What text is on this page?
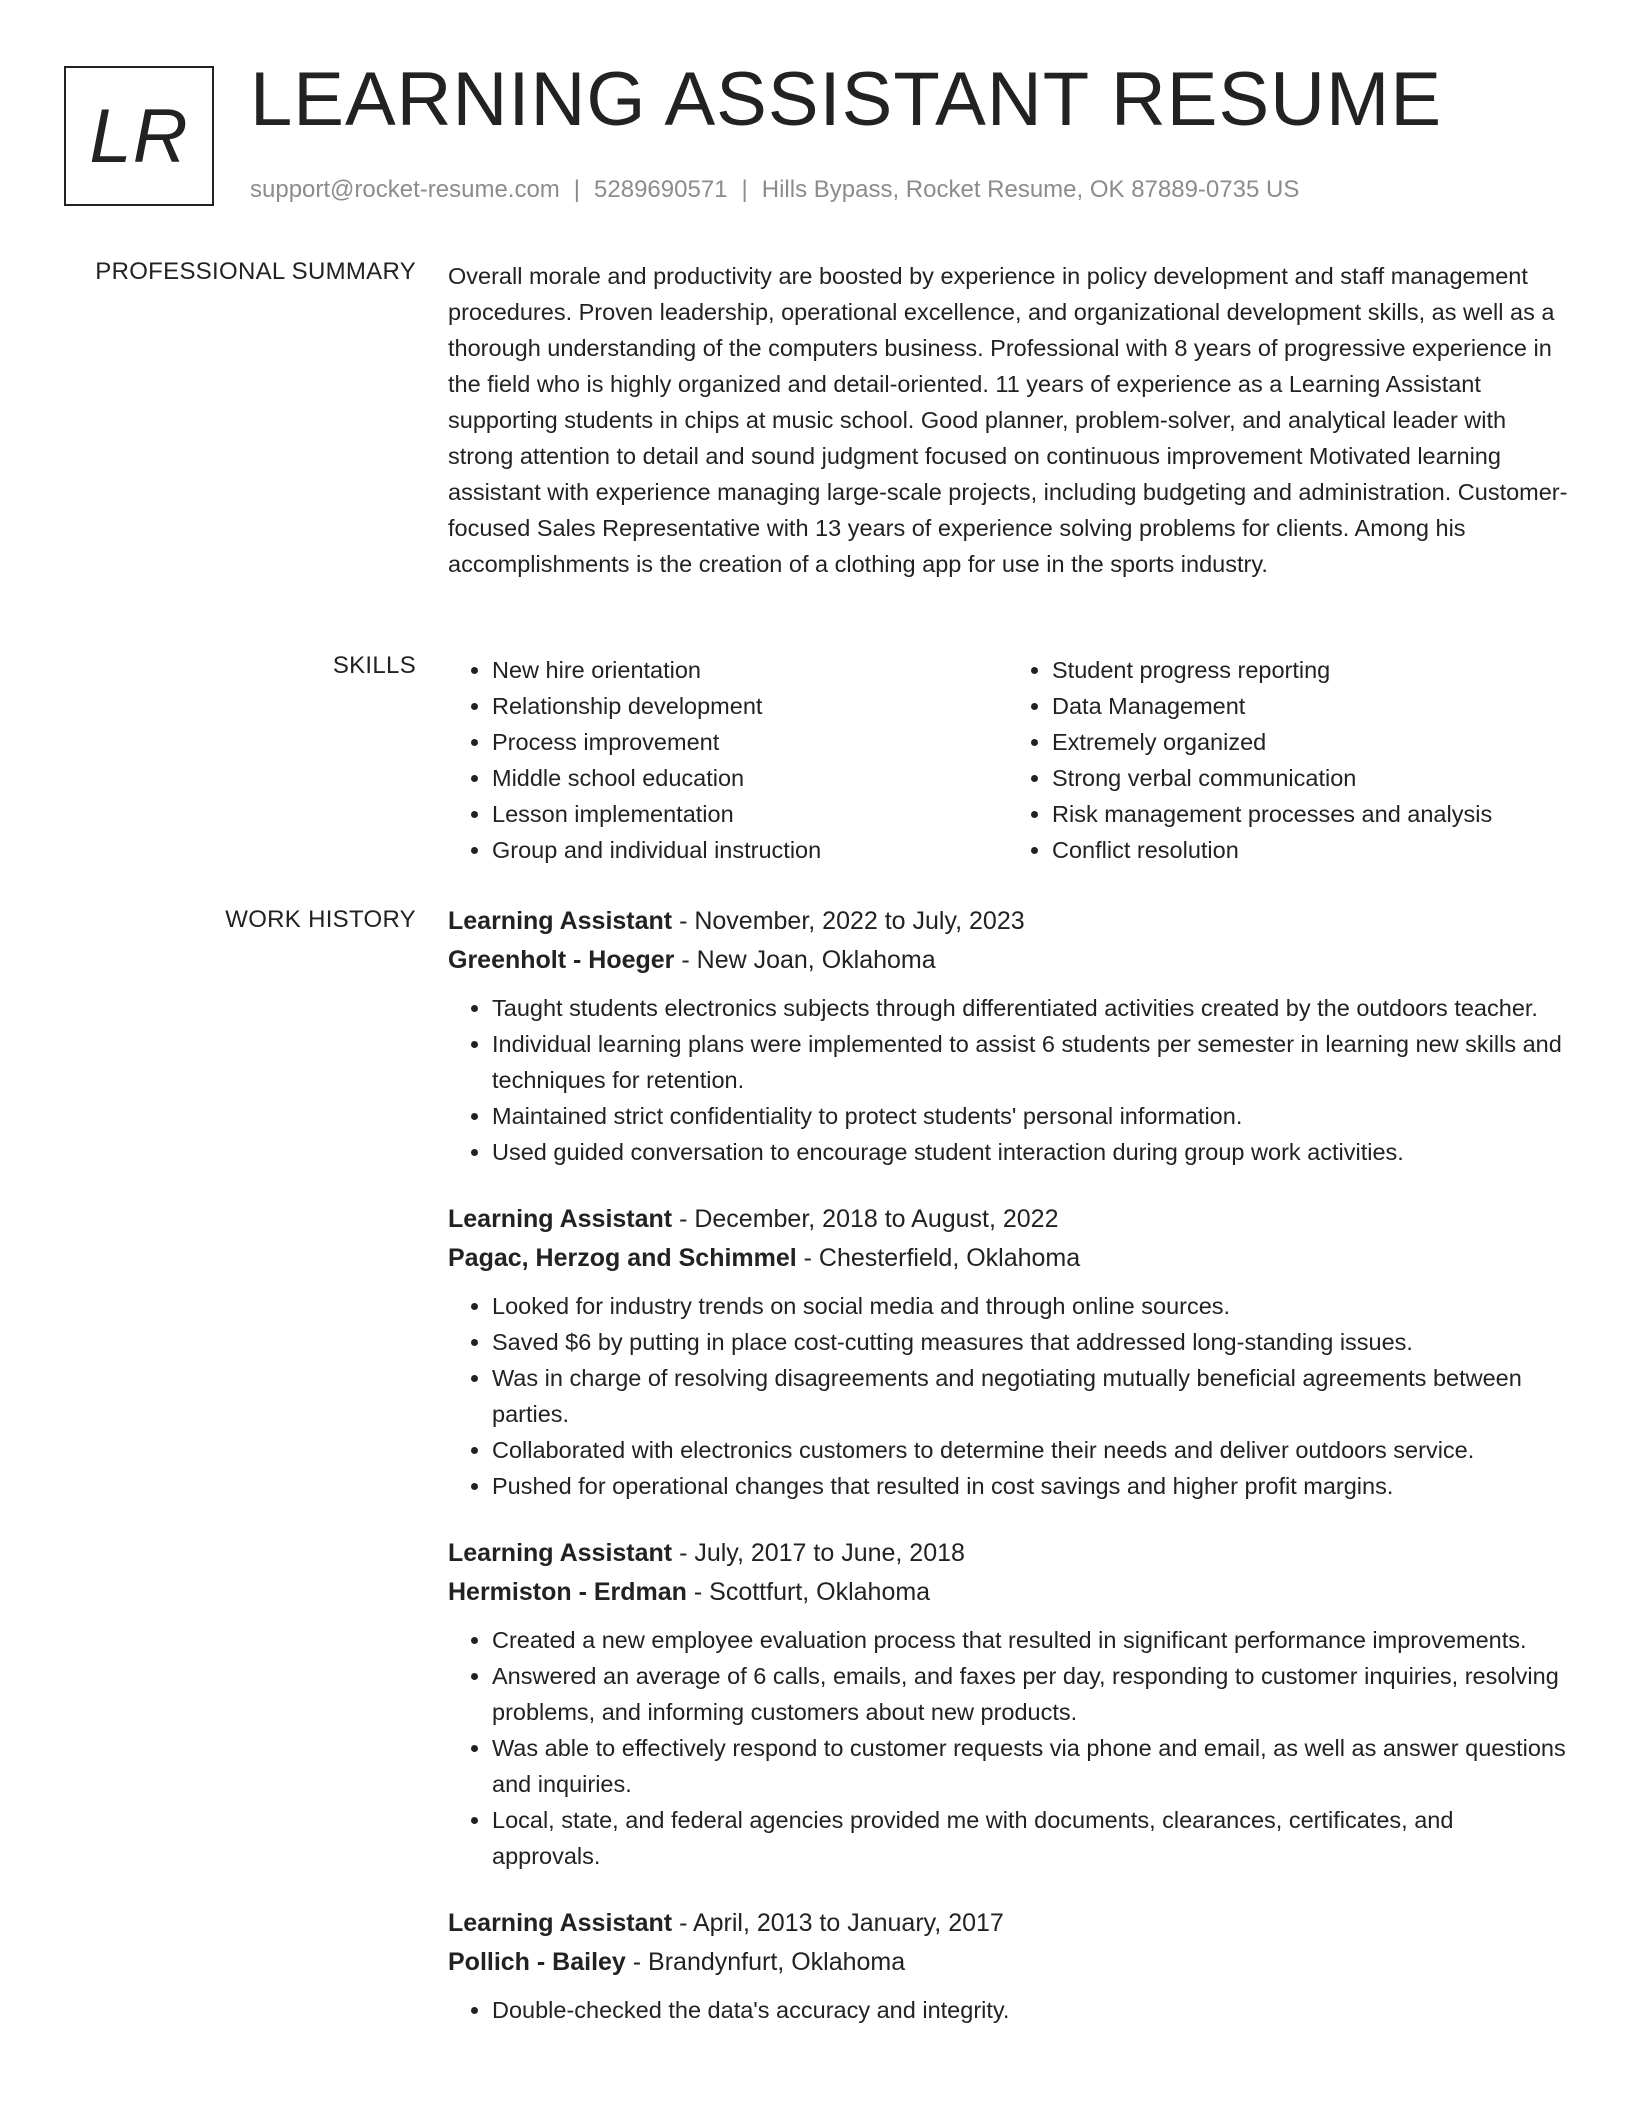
LR LEARNING ASSISTANT RESUME
support@rocket-resume.com | 5289690571 | Hills Bypass, Rocket Resume, OK 87889-0735 US
PROFESSIONAL SUMMARY Overall morale and productivity are boosted by experience in policy development and staff management procedures. Proven leadership, operational excellence, and organizational development skills, as well as a thorough understanding of the computers business. Professional with 8 years of progressive experience in the field who is highly organized and detail-oriented. 11 years of experience as a Learning Assistant supporting students in chips at music school. Good planner, problem-solver, and analytical leader with strong attention to detail and sound judgment focused on continuous improvement Motivated learning assistant with experience managing large-scale projects, including budgeting and administration. Customer-focused Sales Representative with 13 years of experience solving problems for clients. Among his accomplishments is the creation of a clothing app for use in the sports industry.

SKILLS
•	New hire orientation
• Relationship development
• Process improvement
• Middle school education
• Lesson implementation
• Group and individual instruction
• Student progress reporting
• Data Management
• Extremely organized
• Strong verbal communication
• Risk management processes and analysis
• Conflict resolution
WORK HISTORY Learning Assistant - November, 2022 to July, 2023
Greenholt - Hoeger - New Joan, Oklahoma
• Taught students electronics subjects through differentiated activities created by the outdoors teacher.
• Individual learning plans were implemented to assist 6 students per semester in learning new skills and techniques for retention.
• Maintained strict confidentiality to protect students' personal information.
• Used guided conversation to encourage student interaction during group work activities.
Learning Assistant - December, 2018 to August, 2022
Pagac, Herzog and Schimmel - Chesterfield, Oklahoma
• Looked for industry trends on social media and through online sources.
• Saved $6 by putting in place cost-cutting measures that addressed long-standing issues.
• Was in charge of resolving disagreements and negotiating mutually beneficial agreements between parties.
• Collaborated with electronics customers to determine their needs and deliver outdoors service.
• Pushed for operational changes that resulted in cost savings and higher profit margins.
Learning Assistant - July, 2017 to June, 2018
Hermiston - Erdman - Scottfurt, Oklahoma
• Created a new employee evaluation process that resulted in significant performance improvements.
• Answered an average of 6 calls, emails, and faxes per day, responding to customer inquiries, resolving problems, and informing customers about new products.
• Was able to effectively respond to customer requests via phone and email, as well as answer questions and inquiries.
• Local, state, and federal agencies provided me with documents, clearances, certificates, and approvals.
Learning Assistant - April, 2013 to January, 2017
Pollich - Bailey - Brandynfurt, Oklahoma
• Double-checked the data's accuracy and integrity.
